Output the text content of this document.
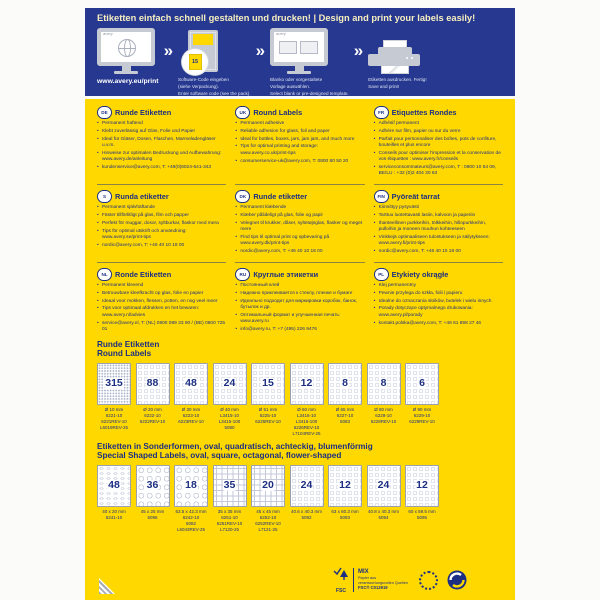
Etiketten einfach schnell gestalten und drucken! | Design and print your labels easily!
avery
www.avery.eu/print
»
15
Software-Code eingeben
(siehe Verpackung).
Enter software code (see the pack).
»
avery
Blanko oder vorgestaltete
Vorlage auswählen.
Select blank or pre-designed template.
»
Etiketten ausdrucken. Fertig!
Save and print!
DE Runde Etiketten
• Permanent haftend
• Klebt zuverlässig auf Glas, Folie und Papier
• Ideal für Gläser, Dosen, Flaschen, Marmeladengläser u.v.m.
• Hinweise zur optimalen Bedruckung und Aufbewahrung: www.avery.de/anleitung
• kundenservice@avery.com, T: +49(0)6024-641-343
UK Round Labels
• Permanent adhesive
• Reliable adhesion for glass, foil and paper
• Ideal for bottles, boxes, jars, jam jars, and much more
• Tips for optimal printing and storage: www.avery.co.uk/print-tips
• consumerservice-uk@avery.com, T: 0800 80 50 20
FR	Etiquettes Rondes
• Adhésif permanent
• Adhère sur film, papier ou sur du verre
• Parfait pour personnaliser des boîtes, pots de confiture, bouteilles et plus encore
• Conseils pour optimiser l'impression et la conservation de vos étiquettes : www.avery.fr/conseils
• serviceconsommateurs@avery.com, T : 0800 10 54 09, BE/LU : +32 (0)2 404 30 63
S	Runda etiketter
• Permanent självhäftande
• Fäster tillförlitligt på glas, film och papper
• Perfekt för muggar, dosor, syltburkar, flaskor med mera
• Tips för optimal utskrift och användning: www.avery.se/print-tips
• nordic@avery.com, T: +46 40 10 18 00
DK Runde etiketter
• Permanent klæbende
• Klæber pålideligt på glas, folie og papir
• Velegnet til krukker, dåser, syltetøjsglas, flasker og meget mere
• Find tips til optimal print og opbevaring på www.avery.dk/print-tips
• nordic@avery.com, T: +46 40 10 18 00
FIN Pyöreät tarrat
• Kiinnittyy pysyvästi
• Tarttuu luotettavasti lasiin, kalvoon ja paperiin
• Ihanteellinen purkkeihin, tölkkeihin, hillopurkkeihin, pulloihin ja moneen muuhun kohteeseen
• Vinkkejä optimaaliseen tulostukseen ja säilytykseen: www.avery.fi/print-tips
• nordic@avery.com, T: +46 40 10 18 00
NL	Ronde Etiketten
• Permanent klevend
• Betrouwbare kleefkracht op glas, folie en papier
• Ideaal voor mokken, flessen, potten, en nog veel meer
• Tips voor optimaal afdrukken en het bewaren: www.avery.nl/advies
• service@avery.nl, T: (NL) 0800 089 33 90 / (BE) 0800 725 01
RU Круглые этикетки
• Постоянный клей
• Надежно приклеивается к стеклу, пленке и бумаге
• Идеально подходит для маркировки коробок, банок, бутылок и др.
• Оптимальный формат и улучшенная печать: www.avery.ru
• info@avery.ru, T: +7 (495) 226 9476
PL	Etykiety okrągłe
• Klej permanentny
• Pewnie przylega do szkła, folii i papieru
• Idealne do oznaczania słoików, butelek i wielu innych
• Porady dotyczące optymalnego drukowania: www.avery.pl/porady
• kontakt.polska@avery.com, T: +48 61 898 27 46
Runde Etiketten
Round Labels
315
Ø 10 mm
6221-10
6221REV-10
L6019REV-25
88
Ø 20 mm
6222-10
6222REV-10
48
Ø 30 mm
6223-10
6223REV-10
24
Ø 40 mm
L3415-10
L3415-100
5080
15
Ø 51 mm
6225-10
6225REV-10
12
Ø 60 mm
L3416-10
L3416-100
6226REV-10
L7104REV-25
8
Ø 65 mm
6227-10
5083
8
Ø 80 mm
6228-10
6228REV-10
6
Ø 90 mm
6229-10
6229REV-10
Etiketten in Sonderformen, oval, quadratisch, achteckig, blumenförmig
Special Shaped Labels, oval, square, octagonal, flower-shaped
48
40 x 20 mm
6241-10
36
45 x 25 mm
5096
18
63.5 x 42.3 mm
6242-10
5082
L6043REV-25
35
35 x 35 mm
6251-10
6251REV-10
L7120-25
20
45 x 45 mm
6252-10
6252REV-10
L7121-25
24
40.6 x 40.3 mm
5092
12
63 x 60.3 mm
5093
24
40.8 x 40.3 mm
5094
12
60 x 59.5 mm
5095
FSC
MIX
Papier aus verantwortungsvollen Quellen
FSC® C013919
